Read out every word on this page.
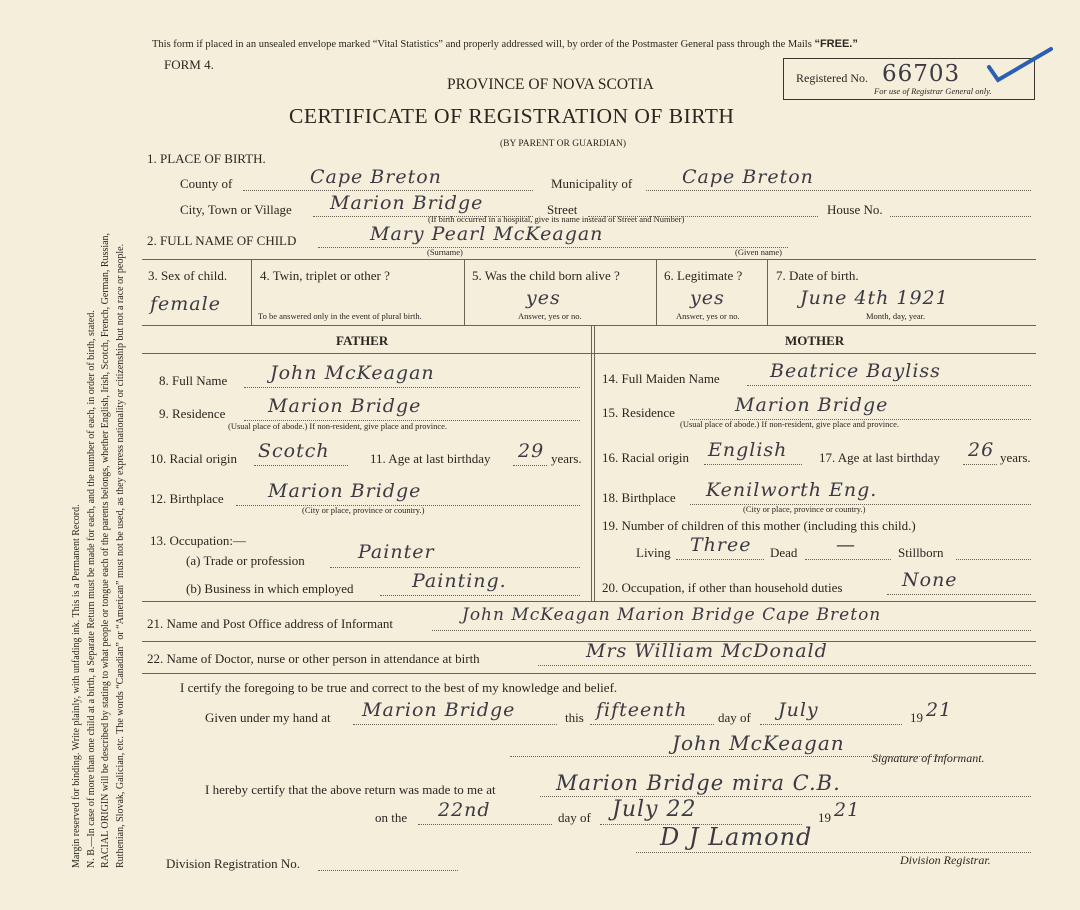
Margin reserved for binding. Write plainly, with unfading ink. This is a Permanent Record. N. B.—In case of more than one child at a birth, a Separate Return must be made for each, and the number of each, in order of birth, stated. RACIAL ORIGIN will be described by stating to what people or tongue each of the parents belongs, whether English, Irish, Scotch, French, German, Russian, Ruthenian, Slovak, Galician, etc. The words “Canadian” or “American” must not be used, as they express nationality or citizenship but not a race or people.
This form if placed in an unsealed envelope marked “Vital Statistics” and properly addressed will, by order of the Postmaster General pass through the Mails “FREE.”
FORM 4.
Registered No. 66703
For use of Registrar General only.
PROVINCE OF NOVA SCOTIA
CERTIFICATE OF REGISTRATION OF BIRTH
(BY PARENT OR GUARDIAN)
1. PLACE OF BIRTH.
County of	Cape Breton	Municipality of	Cape Breton
City, Town or Village Marion Bridge	Street
(If birth occurred in a hospital, give its name instead of Street and Number)
House No.
2. FULL NAME OF CHILD	Mary Pearl McKeagan
(Surname)	(Given name)
3. Sex of child.
female
4. Twin, triplet or other ?
To be answered only in the event of plural birth.
5. Was the child born alive ?
yes
Answer, yes or no.
6. Legitimate ?
yes
Answer, yes or no.
7. Date of birth.
June 4th 1921
Month, day, year.
FATHER	MOTHER
8. Full Name John McKeagan
9. Residence Marion Bridge
(Usual place of abode.) If non-resident, give place and province.
10. Racial origin Scotch	11. Age at last birthday 29 years.
12. Birthplace Marion Bridge
(City or place, province or country.)
13. Occupation:—
(a) Trade or profession	Painter
(b) Business in which employed	Painting.
14. Full Maiden Name	Beatrice Bayliss
15. Residence	Marion Bridge
(Usual place of abode.) If non-resident, give place and province.
16. Racial origin English 17. Age at last birthday 26 years.
18. Birthplace Kenilworth Eng.
(City or place, province or country.)
19. Number of children of this mother (including this child.)
Living Three Dead —	Stillborn
20. Occupation, if other than household duties	None
21. Name and Post Office address of Informant	John McKeagan Marion Bridge Cape Breton
22. Name of Doctor, nurse or other person in attendance at birth	Mrs William McDonald
I certify the foregoing to be true and correct to the best of my knowledge and belief.
Given under my hand at Marion Bridge	this fifteenth day of July	19 21
John McKeagan
Signature of Informant.
I hereby certify that the above return was made to me at	Marion Bridge mira C.B.
on the 22nd	day of July 22	19 21
D J Lamond
Division Registration No.	Division Registrar.
